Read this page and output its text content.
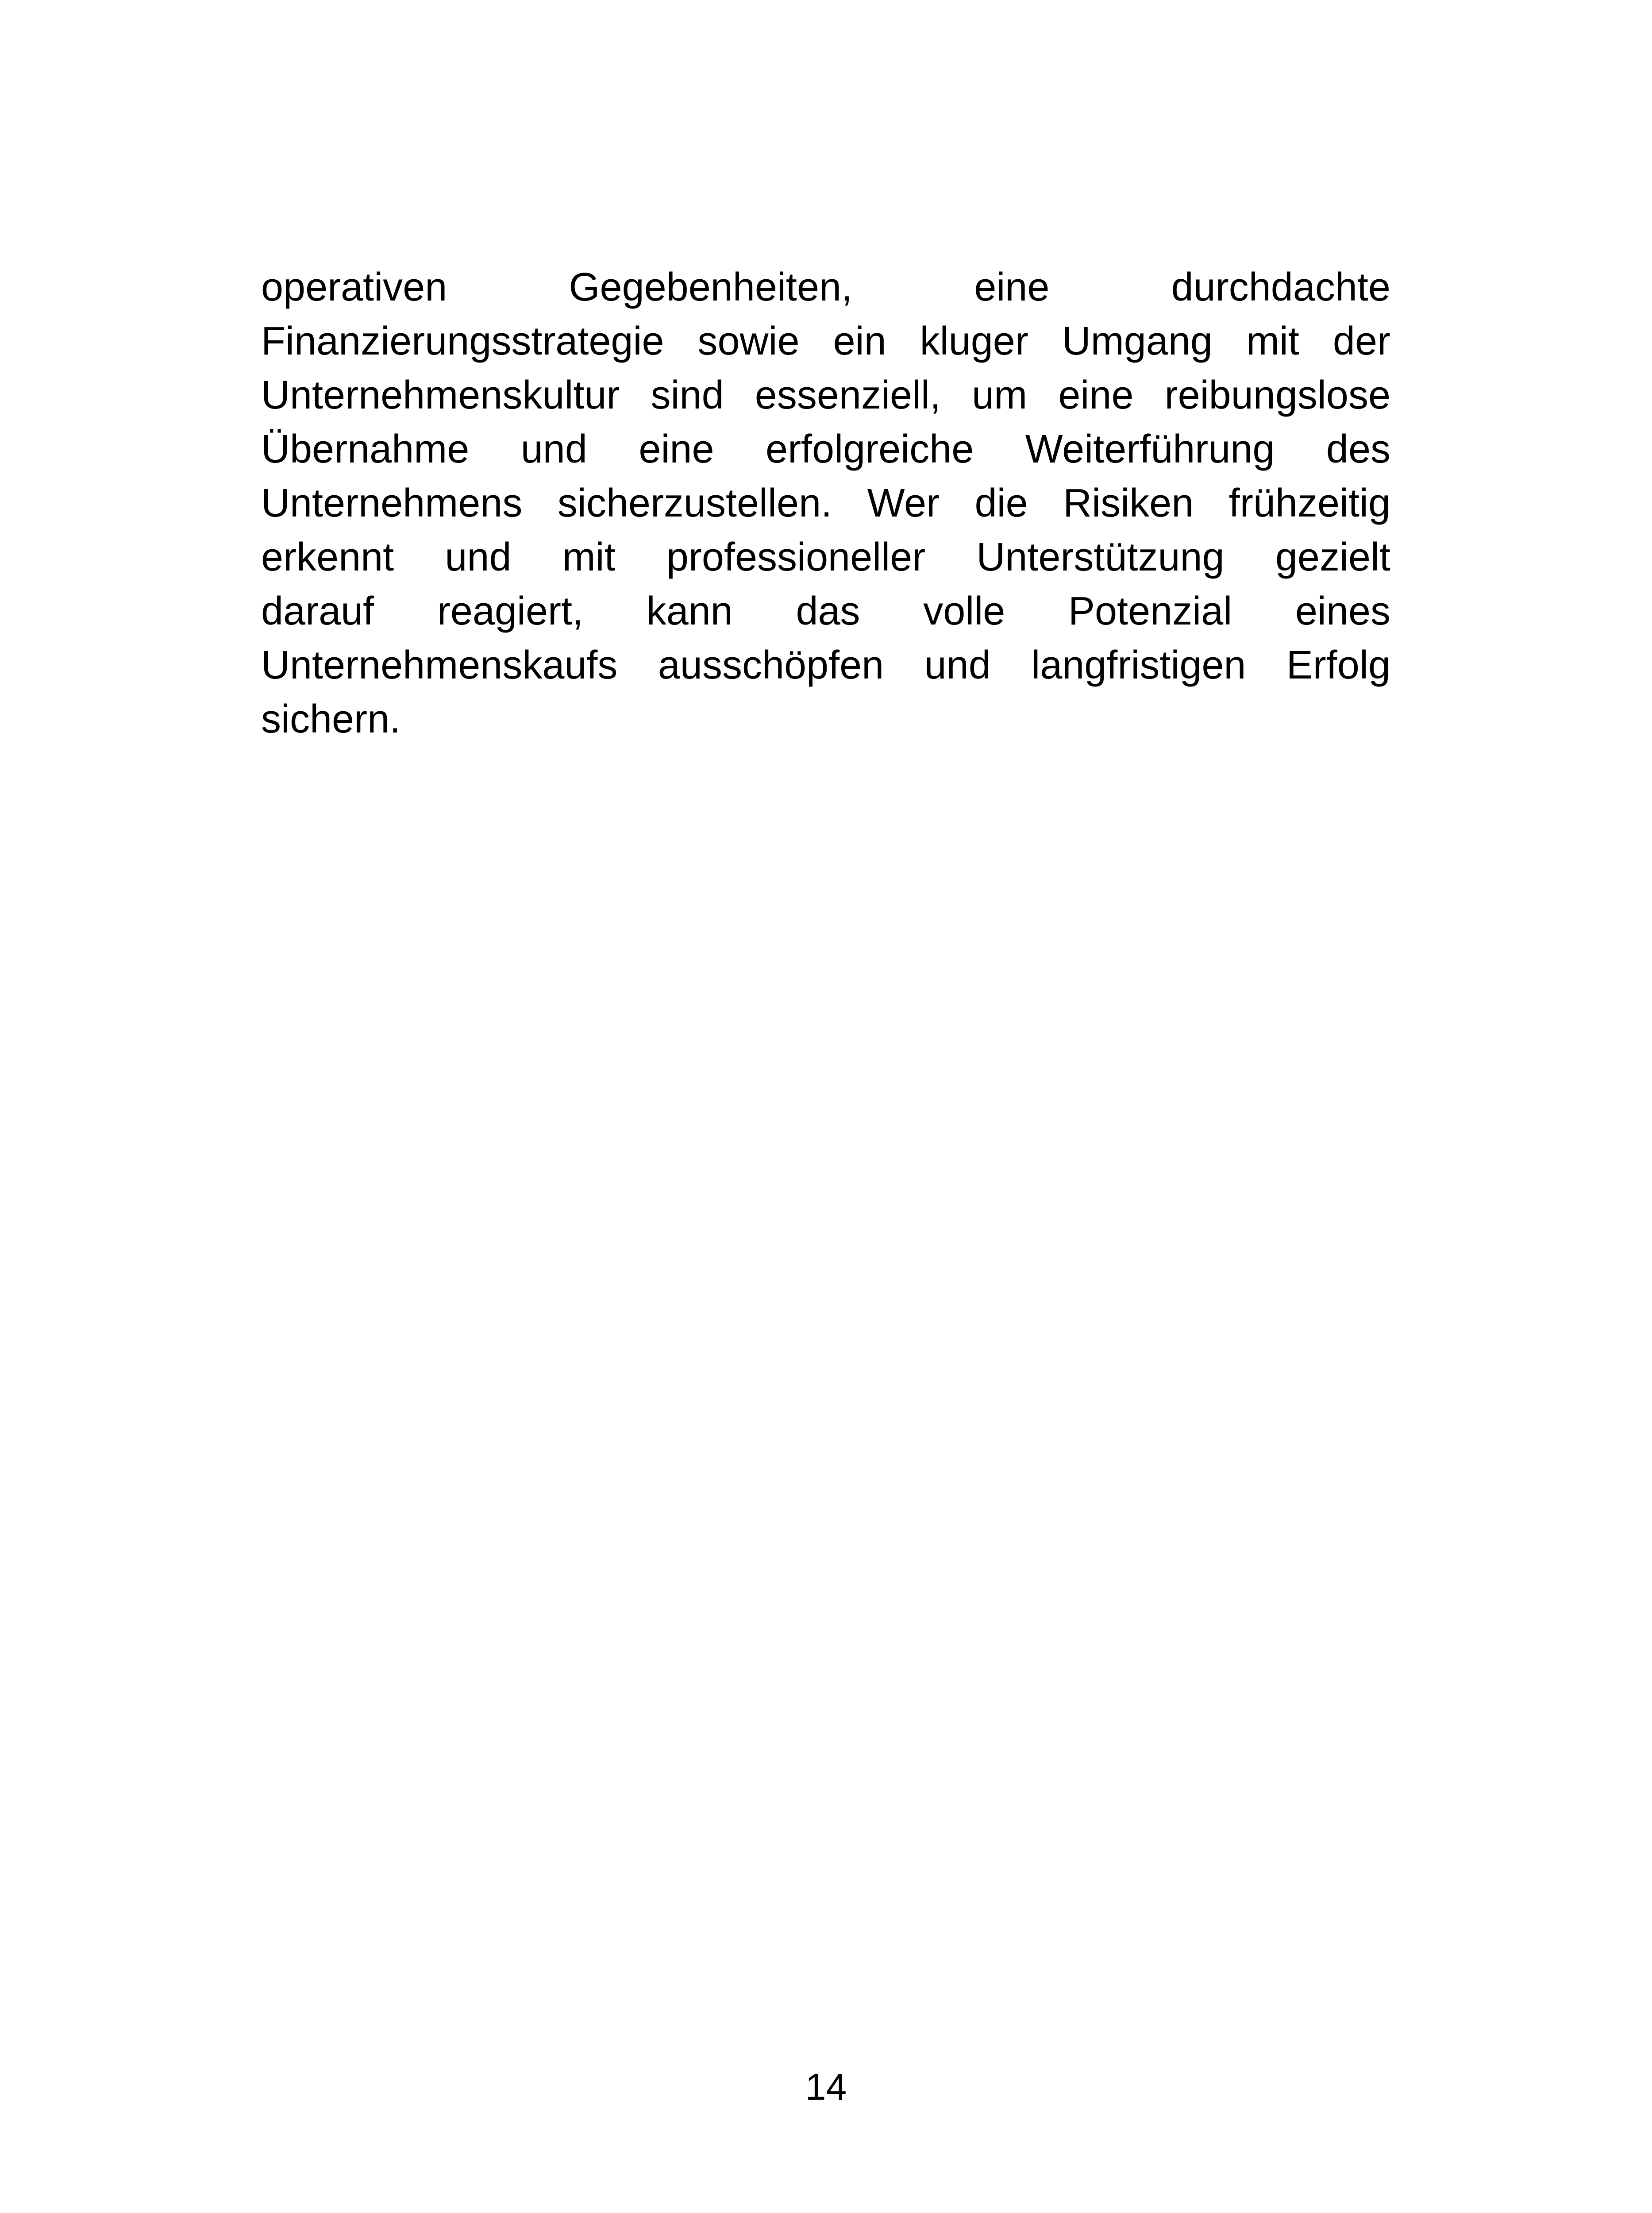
operativen Gegebenheiten, eine durchdachte
Finanzierungsstrategie sowie ein kluger Umgang mit der
Unternehmenskultur sind essenziell, um eine reibungslose
Übernahme und eine erfolgreiche Weiterführung des
Unternehmens sicherzustellen. Wer die Risiken frühzeitig
erkennt und mit professioneller Unterstützung gezielt
darauf reagiert, kann das volle Potenzial eines
Unternehmenskaufs ausschöpfen und langfristigen Erfolg
sichern.

14
